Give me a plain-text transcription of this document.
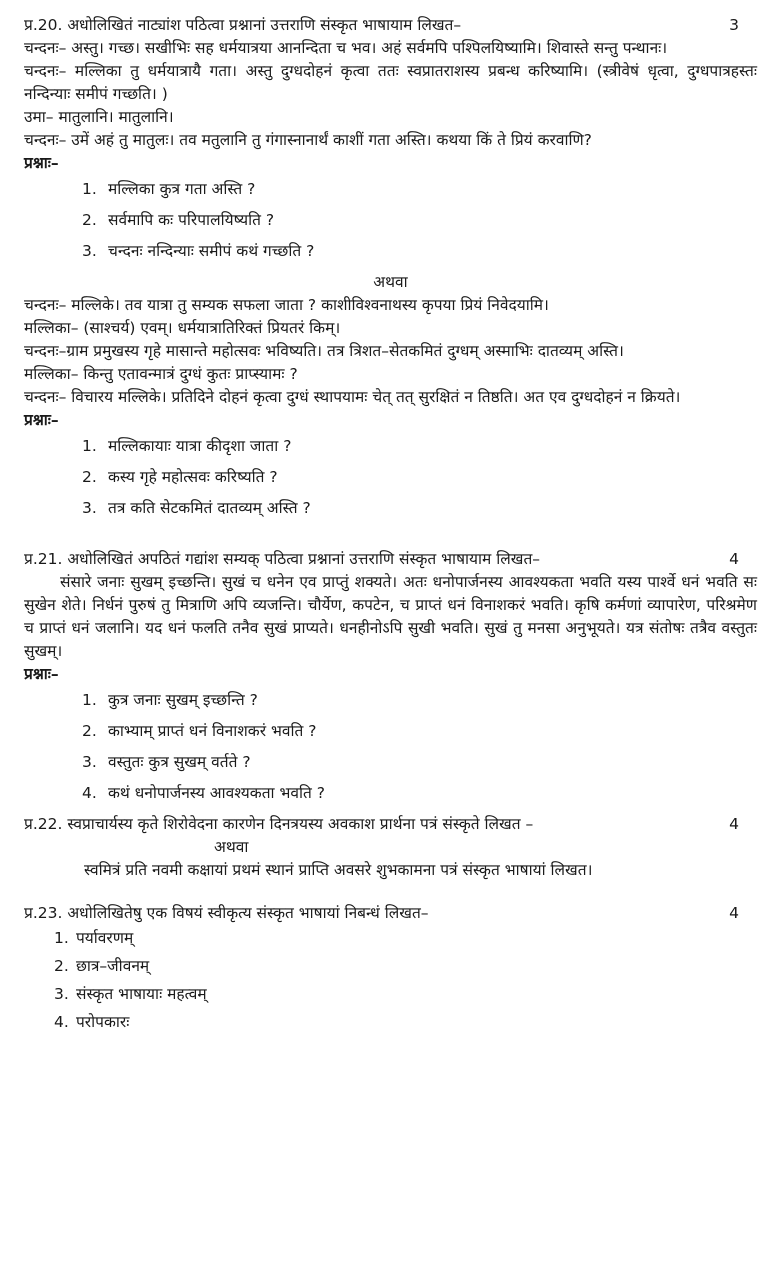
प्र.20. अधोलिखितं नाट्यांश पठित्वा प्रश्नानां उत्तराणि संस्कृत भाषायाम लिखत–	3
चन्दनः– अस्तु। गच्छ। सखीभिः सह धर्मयात्रया आनन्दिता च भव। अहं सर्वमपि पश्पिलयिष्यामि। शिवास्ते सन्तु पन्थानः।
चन्दनः– मल्लिका तु धर्मयात्रायै गता। अस्तु दुग्धदोहनं कृत्वा ततः स्वप्रातराशस्य प्रबन्ध करिष्यामि। (स्त्रीवेषं धृत्वा, दुग्धपात्रहस्तः नन्दिन्याः समीपं गच्छति। )
उमा– मातुलानि। मातुलानि।
चन्दनः– उमें अहं तु मातुलः। तव मतुलानि तु गंगास्नानार्थं काशीं गता अस्ति। कथया किं ते प्रियं करवाणि?
प्रश्नाः–
1. मल्लिका कुत्र गता अस्ति ?
2. सर्वमापि कः परिपालयिष्यति ?
3. चन्दनः नन्दिन्याः समीपं कथं गच्छति ?
अथवा
चन्दनः– मल्लिके। तव यात्रा तु सम्यक सफला जाता ? काशीविश्वनाथस्य कृपया प्रियं निवेदयामि।
मल्लिका– (साश्चर्य) एवम्। धर्मयात्रातिरिक्तं प्रियतरं किम्।
चन्दनः–ग्राम प्रमुखस्य गृहे मासान्ते महोत्सवः भविष्यति। तत्र त्रिशत–सेतकमितं दुग्धम् अस्माभिः दातव्यम् अस्ति।
मल्लिका– किन्तु एतावन्मात्रं दुग्धं कुतः प्राप्स्यामः ?
चन्दनः– विचारय मल्लिके। प्रतिदिने दोहनं कृत्वा दुग्धं स्थापयामः चेत् तत् सुरक्षितं न तिष्ठति। अत एव दुग्धदोहनं न क्रियते।
प्रश्नाः–
1. मल्लिकायाः यात्रा कीदृशा जाता ?
2. कस्य गृहे महोत्सवः करिष्यति ?
3. तत्र कति सेटकमितं दातव्यम् अस्ति ?
प्र.21. अधोलिखितं अपठितं गद्यांश सम्यक् पठित्वा प्रश्नानां उत्तराणि संस्कृत भाषायाम लिखत–	4
संसारे जनाः सुखम् इच्छन्ति। सुखं च धनेन एव प्राप्तुं शक्यते। अतः धनोपार्जनस्य आवश्यकता भवति यस्य पार्श्वे धनं भवति सः सुखेन शेते। निर्धनं पुरुषं तु मित्राणि अपि व्यजन्ति। चौर्येण, कपटेन, च प्राप्तं धनं विनाशकरं भवति। कृषि कर्मणां व्यापारेण, परिश्रमेण च प्राप्तं धनं जलानि। यद धनं फलति तनैव सुखं प्राप्यते। धनहीनोऽपि सुखी भवति। सुखं तु मनसा अनुभूयते। यत्र संतोषः तत्रैव वस्तुतः सुखम्।
प्रश्नाः–
1. कुत्र जनाः सुखम् इच्छन्ति ?
2. काभ्याम् प्राप्तं धनं विनाशकरं भवति ?
3. वस्तुतः कुत्र सुखम् वर्तते ?
4. कथं धनोपार्जनस्य आवश्यकता भवति ?
प्र.22. स्वप्राचार्यस्य कृते शिरोवेदना कारणेन दिनत्रयस्य अवकाश प्रार्थना पत्रं संस्कृते लिखत –	4
अथवा
स्वमित्रं प्रति नवमी कक्षायां प्रथमं स्थानं प्राप्ति अवसरे शुभकामना पत्रं संस्कृत भाषायां लिखत।
प्र.23. अधोलिखितेषु एक विषयं स्वीकृत्य संस्कृत भाषायां निबन्धं लिखत–	4
1. पर्यावरणम्
2. छात्र–जीवनम्
3. संस्कृत भाषायाः महत्वम्
4. परोपकारः
